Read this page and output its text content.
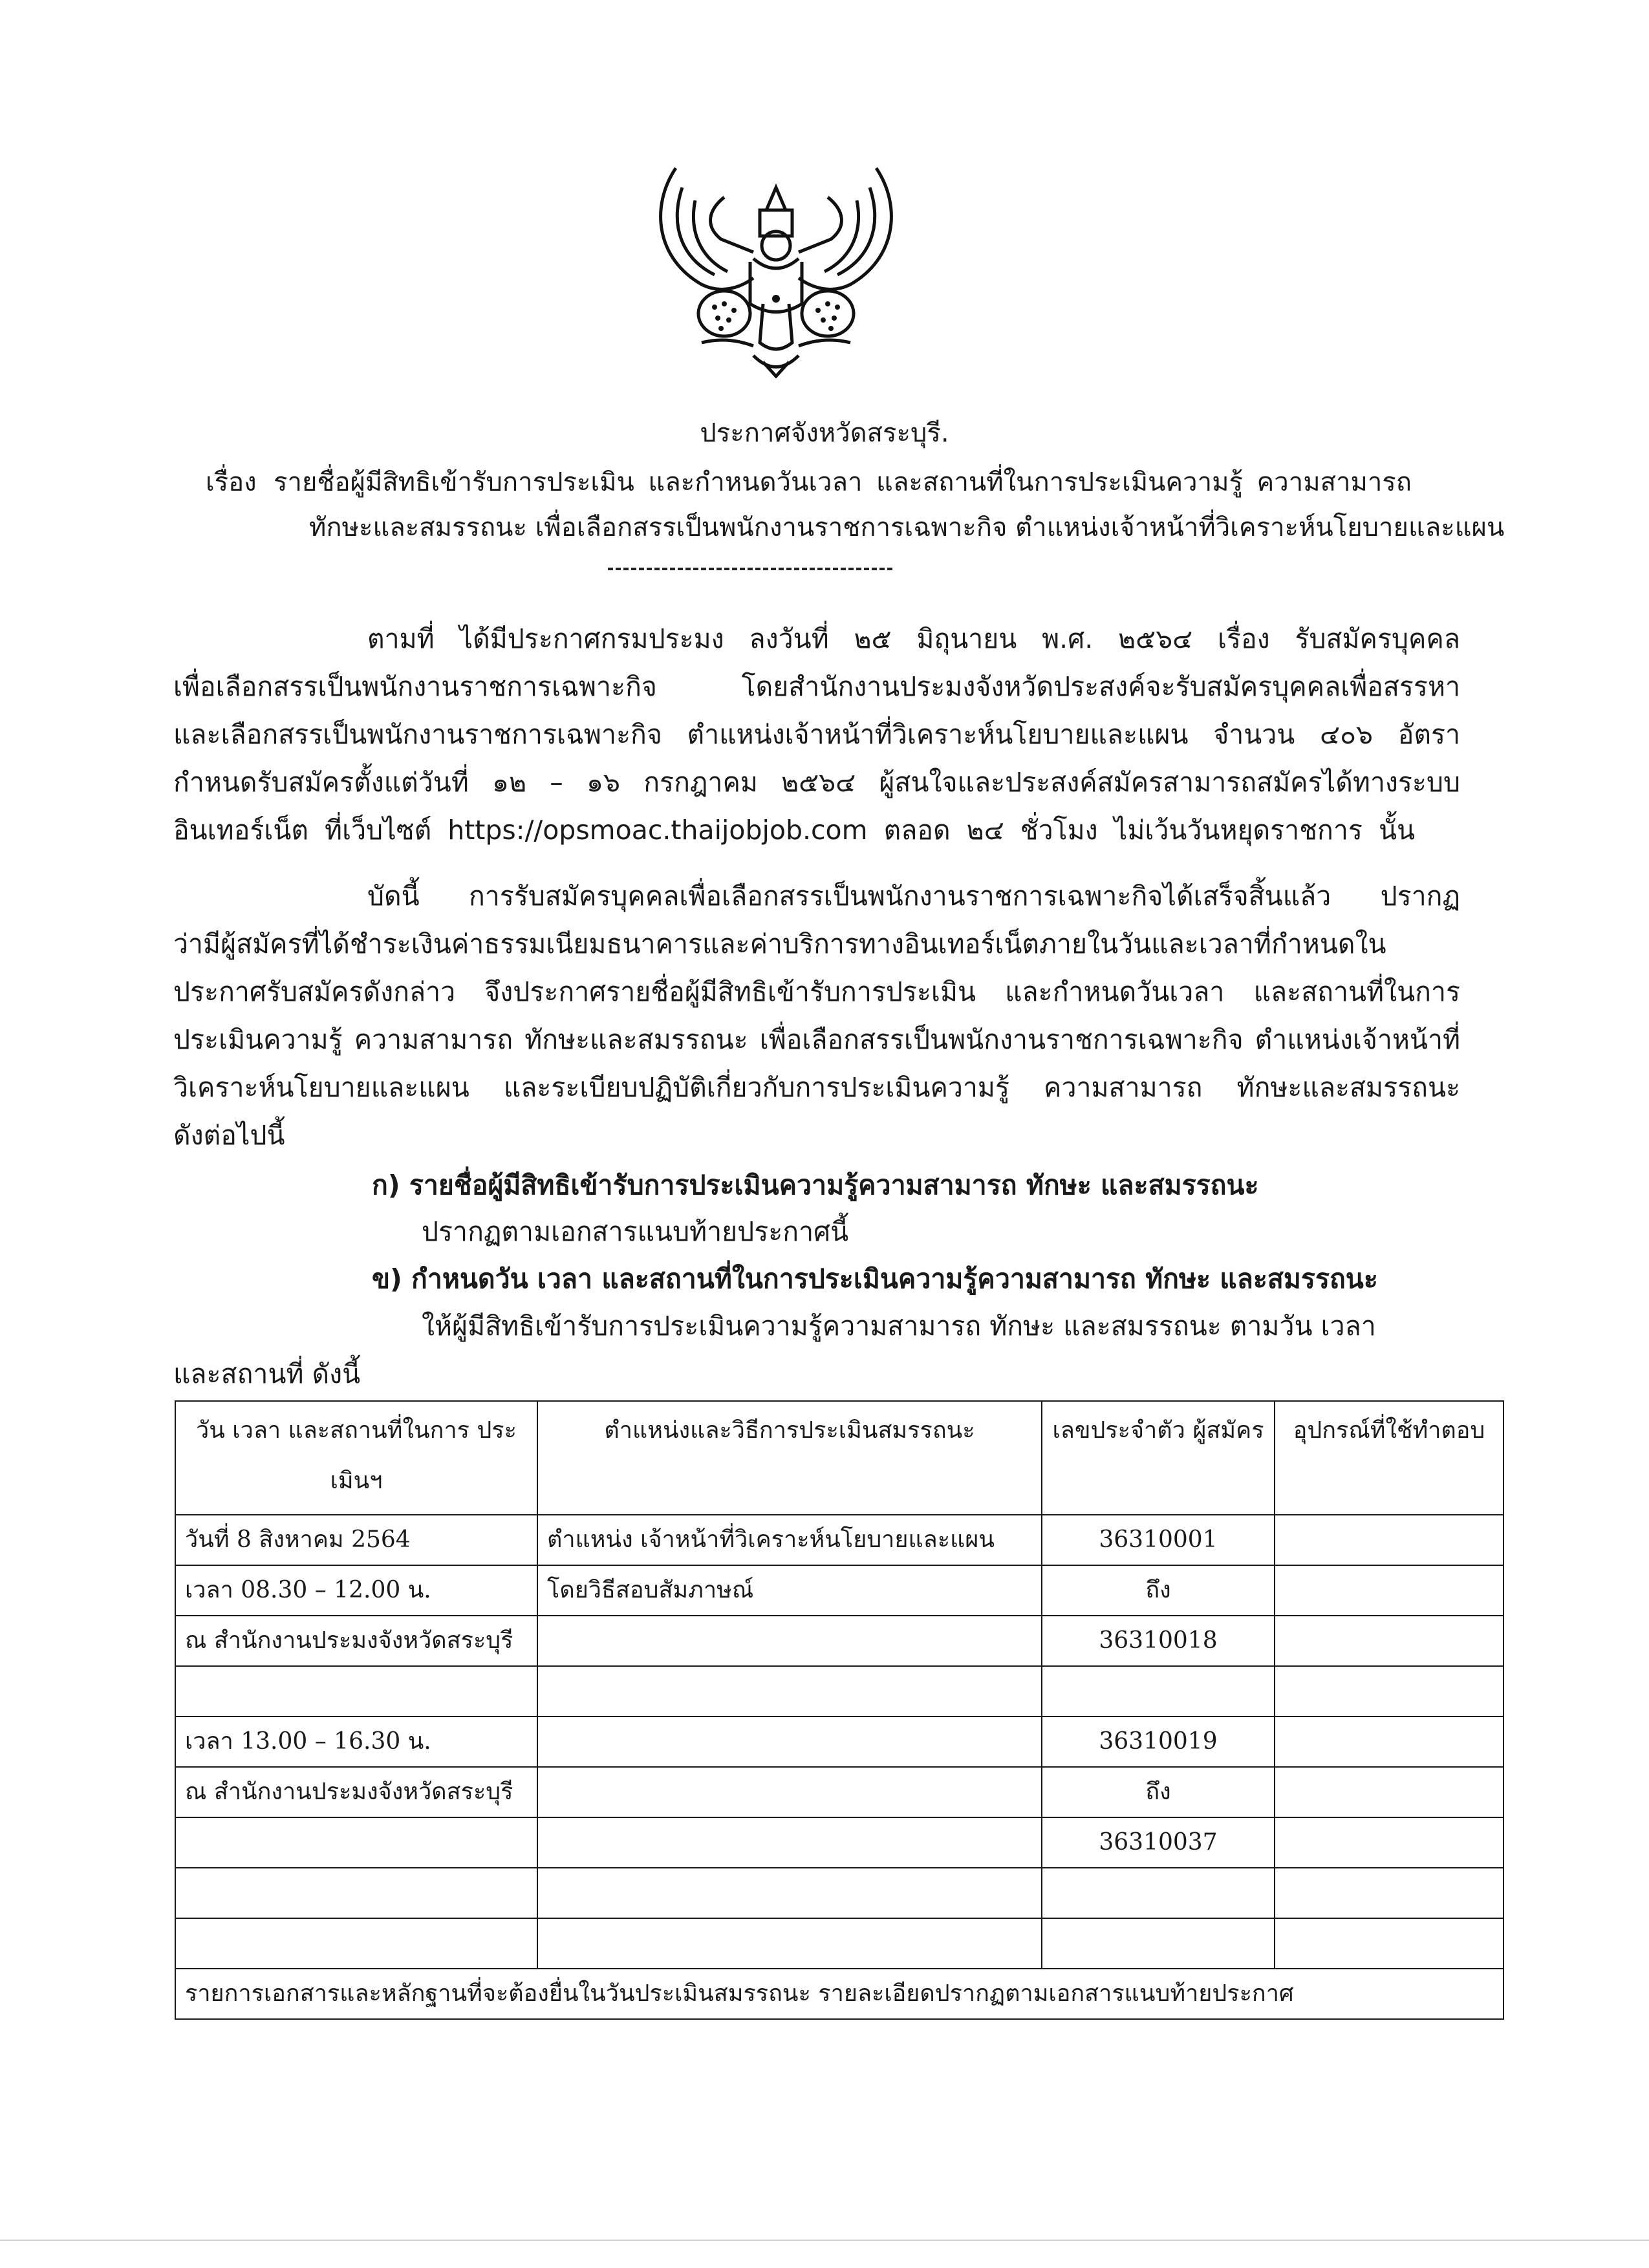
ประกาศจังหวัดสระบุรี.
เรื่อง รายชื่อผู้มีสิทธิเข้ารับการประเมิน และกำหนดวันเวลา และสถานที่ในการประเมินความรู้ ความสามารถ
ทักษะและสมรรถนะ เพื่อเลือกสรรเป็นพนักงานราชการเฉพาะกิจ ตำแหน่งเจ้าหน้าที่วิเคราะห์นโยบายและแผน
ตามที่ ได้มีประกาศกรมประมง ลงวันที่ ๒๕ มิถุนายน พ.ศ. ๒๕๖๔ เรื่อง รับสมัครบุคคล
เพื่อเลือกสรรเป็นพนักงานราชการเฉพาะกิจ โดยสำนักงานประมงจังหวัดประสงค์จะรับสมัครบุคคลเพื่อสรรหา
และเลือกสรรเป็นพนักงานราชการเฉพาะกิจ ตำแหน่งเจ้าหน้าที่วิเคราะห์นโยบายและแผน จำนวน ๔๐๖ อัตรา
กำหนดรับสมัครตั้งแต่วันที่ ๑๒ – ๑๖ กรกฎาคม ๒๕๖๔ ผู้สนใจและประสงค์สมัครสามารถสมัครได้ทางระบบ
อินเทอร์เน็ต ที่เว็บไซต์ https://opsmoac.thaijobjob.com ตลอด ๒๔ ชั่วโมง ไม่เว้นวันหยุดราชการ นั้น
บัดนี้ การรับสมัครบุคคลเพื่อเลือกสรรเป็นพนักงานราชการเฉพาะกิจได้เสร็จสิ้นแล้ว ปรากฏ
ว่ามีผู้สมัครที่ได้ชำระเงินค่าธรรมเนียมธนาคารและค่าบริการทางอินเทอร์เน็ตภายในวันและเวลาที่กำหนดใน
ประกาศรับสมัครดังกล่าว จึงประกาศรายชื่อผู้มีสิทธิเข้ารับการประเมิน และกำหนดวันเวลา และสถานที่ในการ
ประเมินความรู้ ความสามารถ ทักษะและสมรรถนะ เพื่อเลือกสรรเป็นพนักงานราชการเฉพาะกิจ ตำแหน่งเจ้าหน้าที่
วิเคราะห์นโยบายและแผน และระเบียบปฏิบัติเกี่ยวกับการประเมินความรู้ ความสามารถ ทักษะและสมรรถนะ
ดังต่อไปนี้
ก) รายชื่อผู้มีสิทธิเข้ารับการประเมินความรู้ความสามารถ ทักษะ และสมรรถนะ
ปรากฏตามเอกสารแนบท้ายประกาศนี้
ข) กำหนดวัน เวลา และสถานที่ในการประเมินความรู้ความสามารถ ทักษะ และสมรรถนะ
ให้ผู้มีสิทธิเข้ารับการประเมินความรู้ความสามารถ ทักษะ และสมรรถนะ ตามวัน เวลา
และสถานที่ ดังนี้
วัน เวลา และสถานที่ในการ ประเมินฯ	ตำแหน่งและวิธีการประเมินสมรรถนะ	เลขประจำตัว ผู้สมัคร	อุปกรณ์ที่ใช้ทำตอบ
วันที่ 8 สิงหาคม 2564	ตำแหน่ง เจ้าหน้าที่วิเคราะห์นโยบายและแผน	36310001	
เวลา 08.30 – 12.00 น.	โดยวิธีสอบสัมภาษณ์	ถึง	
ณ สำนักงานประมงจังหวัดสระบุรี		36310018	

เวลา 13.00 – 16.30 น.		36310019	
ณ สำนักงานประมงจังหวัดสระบุรี		ถึง	
		36310037	

รายการเอกสารและหลักฐานที่จะต้องยื่นในวันประเมินสมรรถนะ รายละเอียดปรากฏตามเอกสารแนบท้ายประกาศ			
